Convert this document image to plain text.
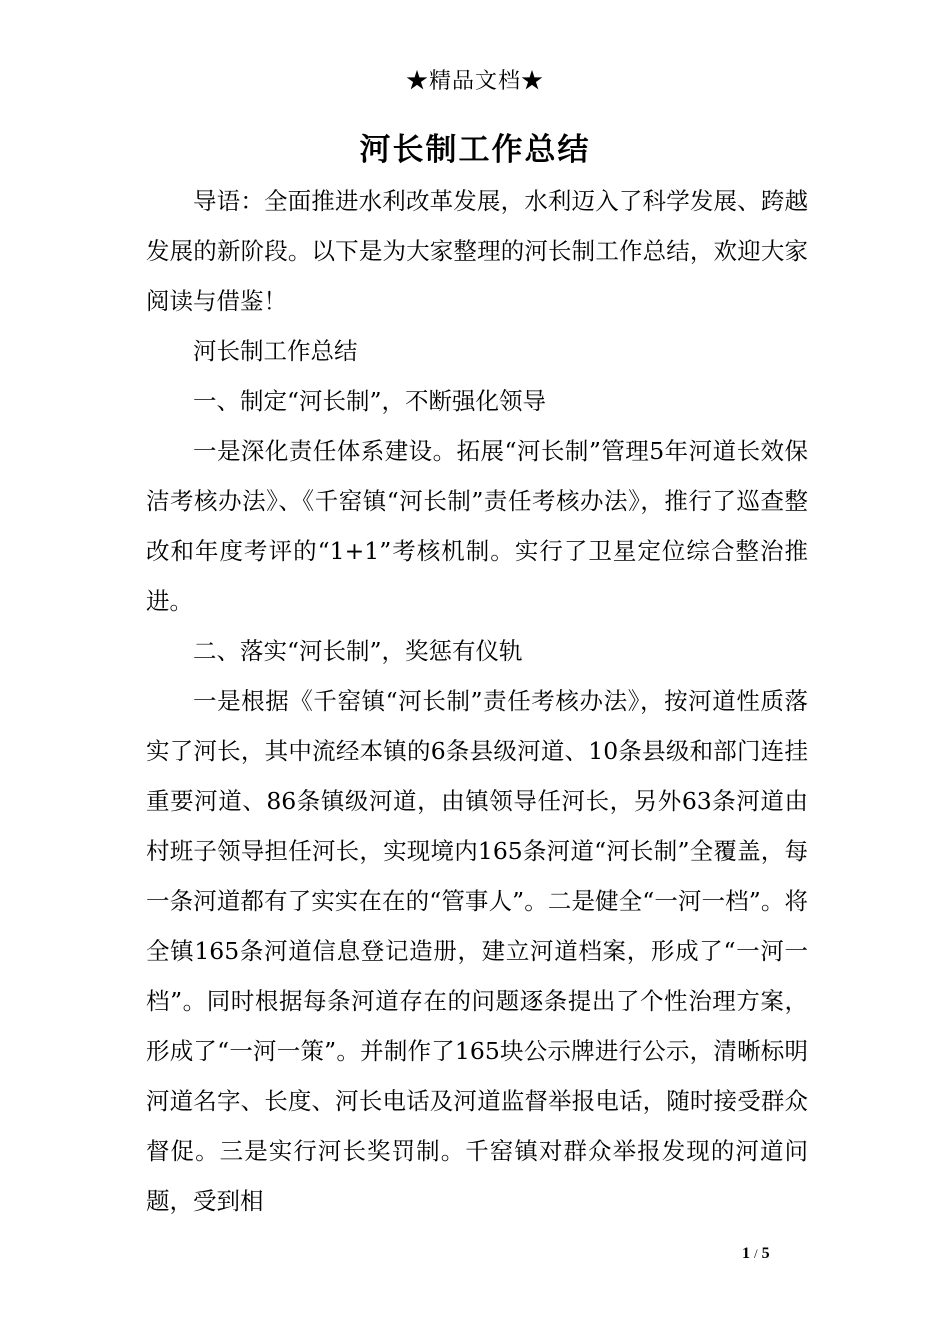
★精品文档★
河长制工作总结

导语：全面推进水利改革发展，水利迈入了科学发展、跨越发展的新阶段。以下是为大家整理的河长制工作总结，欢迎大家阅读与借鉴！

河长制工作总结

一、制定“河长制”，不断强化领导

一是深化责任体系建设。拓展“河长制”管理5年河道长效保洁考核办法》、《千窑镇“河长制”责任考核办法》，推行了巡查整改和年度考评的“1+1”考核机制。实行了卫星定位综合整治推进。

二、落实“河长制”，奖惩有仪轨

一是根据《千窑镇“河长制”责任考核办法》，按河道性质落实了河长，其中流经本镇的6条县级河道、10条县级和部门连挂重要河道、86条镇级河道，由镇领导任河长，另外63条河道由村班子领导担任河长，实现境内165条河道“河长制”全覆盖，每一条河道都有了实实在在的“管事人”。二是健全“一河一档”。将全镇165条河道信息登记造册，建立河道档案，形成了“一河一档”。同时根据每条河道存在的问题逐条提出了个性治理方案，形成了“一河一策”。并制作了165块公示牌进行公示，清晰标明河道名字、长度、河长电话及河道监督举报电话，随时接受群众督促。三是实行河长奖罚制。千窑镇对群众举报发现的河道问题，受到相

1 / 5
